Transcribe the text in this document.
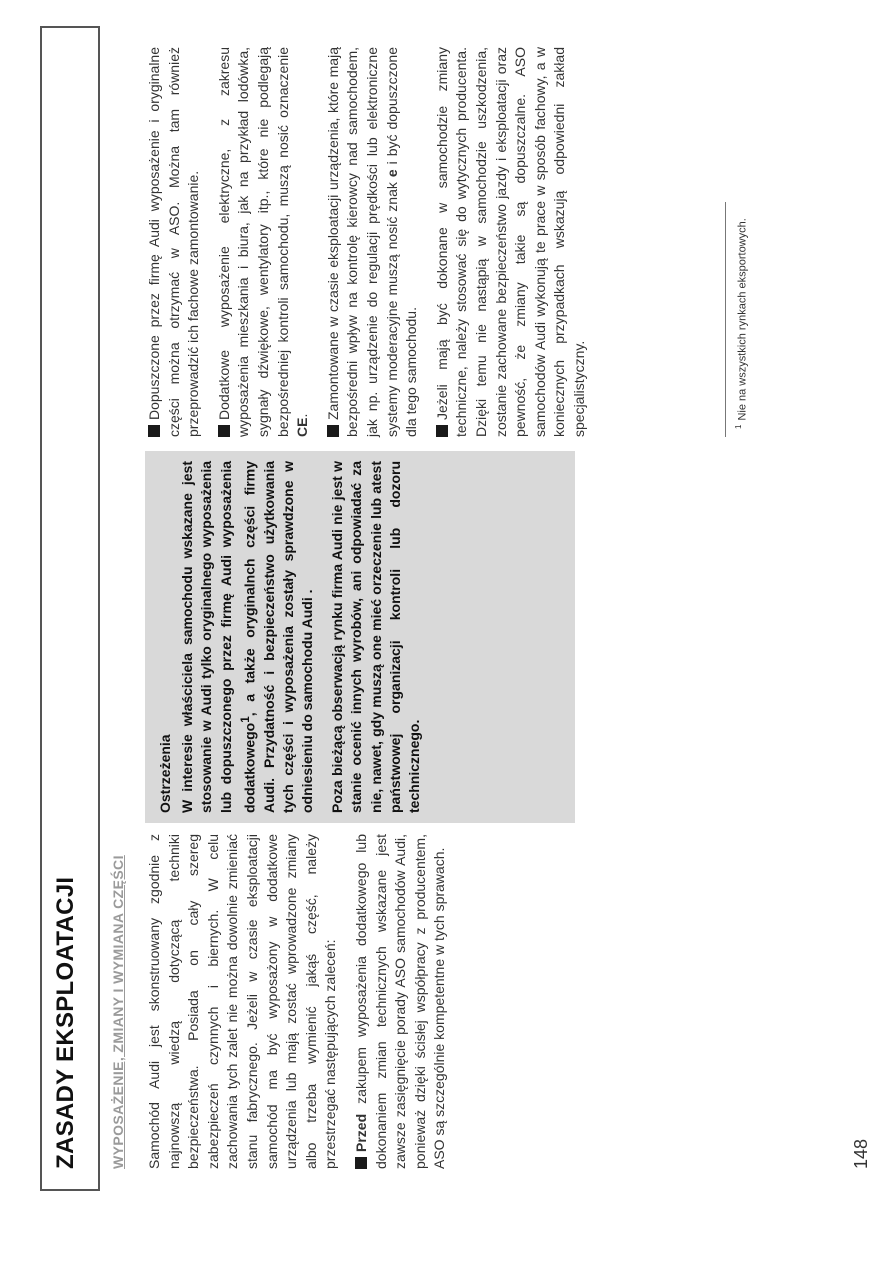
ZASADY EKSPLOATACJI WYPOSAŻENIE, ZMIANY I WYMIANA CZĘŚCI Samochód Audi jest skonstruowany zgodnie z najnowszą wiedzą dotyczącą techniki bezpieczeństwa. Posiada on cały szereg zabezpieczeń czynnych i biernych. W celu zachowania tych zalet nie można dowolnie zmieniać stanu fabrycznego. Jeżeli w czasie eksploatacji samochód ma być wyposażony w dodatkowe urządzenia lub mają zostać wprowadzone zmiany albo trzeba wymienić jakąś część, należy przestrzegać następujących zaleceń: Przed zakupem wyposażenia dodatkowego lub dokonaniem zmian technicznych wskazane jest zawsze zasięgnięcie porady ASO samochodów Audi, ponieważ dzięki ścisłej współpracy z producentem, ASO są szczególnie kompetentne w tych sprawach.

Ostrzeżenia W interesie właściciela samochodu wskazane jest stosowanie w Audi tylko oryginalnego wyposażenia lub dopuszczonego przez firmę Audi wyposażenia dodatkowego$^1$, a także oryginalnch części firmy Audi. Przydatność i bezpieczeństwo użytkowania tych części i wyposażenia zostały sprawdzone w odniesieniu do samochodu Audi . Poza bieżącą obserwacją rynku firma Audi nie jest w stanie ocenić innych wyrobów, ani odpowiadać za nie, nawet, gdy muszą one mieć orzeczenie lub atest państwowej organizacji kontroli lub dozoru technicznego.

Dopuszczone przez firmę Audi wyposażenie i oryginalne części można otrzymać w ASO. Można tam również przeprowadzić ich fachowe zamontowanie. Dodatkowe wyposażenie elektryczne, z zakresu wyposażenia mieszkania i biura, jak na przykład lodówka, sygnały dźwiękowe, wentylatory itp., które nie podlegają bezpośredniej kontroli samochodu, muszą nosić oznaczenie CE. Zamontowane w czasie eksploatacji urządzenia, które mają bezpośredni wpływ na kontrolę kierowcy nad samochodem, jak np. urządzenie do regulacji prędkości lub elektroniczne systemy moderacyjne muszą nosić znak e i być dopuszczone dla tego samochodu. Jeżeli mają być dokonane w samochodzie zmiany techniczne, należy stosować się do wytycznych producenta. Dzięki temu nie nastąpią w samochodzie uszkodzenia, zostanie zachowane bezpieczeństwo jazdy i eksploatacji oraz pewność, że zmiany takie są dopuszczalne. ASO samochodów Audi wykonują te prace w sposób fachowy, a w koniecznych przypadkach wskazują odpowiedni zakład specjalistyczny.	$^1$Nie na wszystkich rynkach eksportowych.
148
